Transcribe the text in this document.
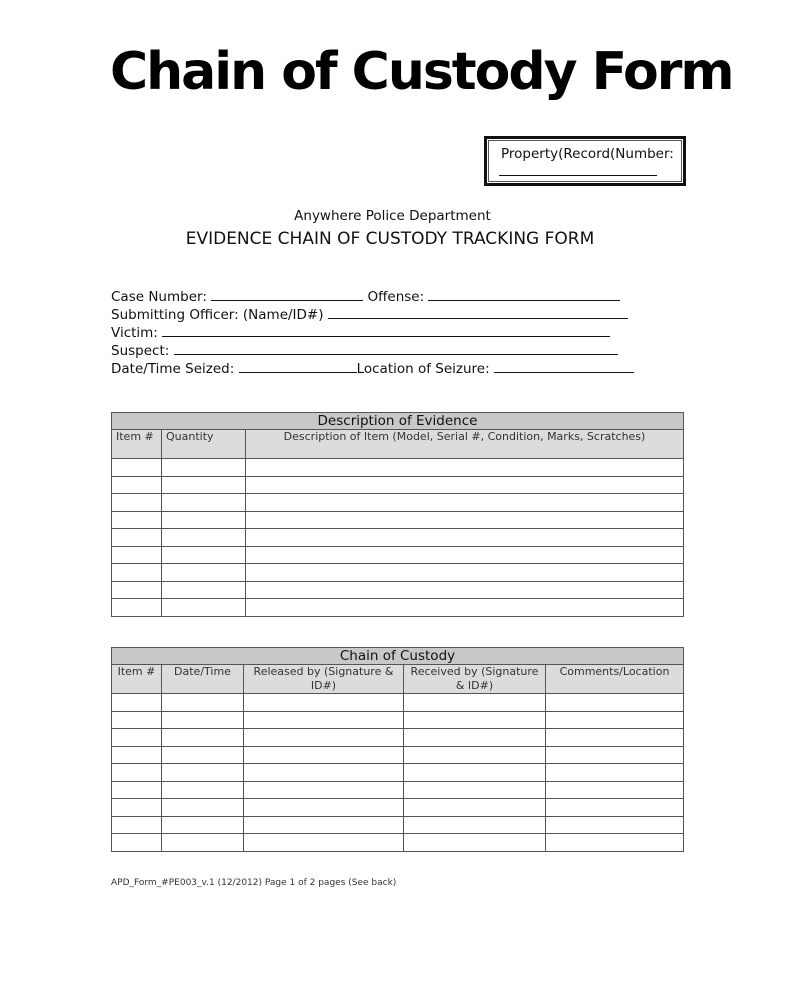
Chain of Custody Form
Property(Record(Number:
Anywhere Police Department
EVIDENCE CHAIN OF CUSTODY TRACKING FORM
Case Number:	Offense:
Submitting Officer: (Name/ID#)
Victim:
Suspect:
Date/Time Seized:	Location of Seizure:
Description of Evidence		
Item #	Quantity	Description of Item (Model, Serial #, Condition, Marks, Scratches)

Chain of Custody				
Item #	Date/Time	Released by (Signature & ID#)	Received by (Signature & ID#)	Comments/Location

APD_Form_#PE003_v.1 (12/2012) Page 1 of 2 pages (See back)
